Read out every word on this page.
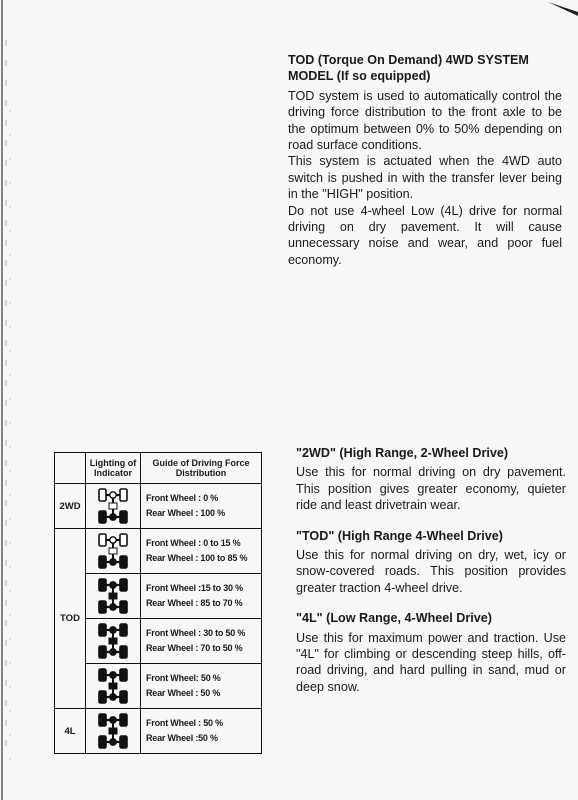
TOD (Torque On Demand) 4WD SYSTEM
MODEL (If so equipped)

TOD system is used to automatically control the driving force distribution to the front axle to be the optimum between 0% to 50% depending on road surface conditions.

This system is actuated when the 4WD auto switch is pushed in with the transfer lever being in the "HIGH" position.

Do not use 4-wheel Low (4L) drive for normal driving on dry pavement. It will cause unnecessary noise and wear, and poor fuel economy.

"2WD" (High Range, 2-Wheel Drive)
Use this for normal driving on dry pavement. This position gives greater economy, quieter ride and least drivetrain wear.
"TOD" (High Range 4-Wheel Drive)
Use this for normal driving on dry, wet, icy or snow-covered roads. This position provides greater traction 4-wheel drive.
"4L" (Low Range, 4-Wheel Drive)
Use this for maximum power and traction. Use "4L" for climbing or descending steep hills, off-road driving, and hard pulling in sand, mud or deep snow.
	Lighting of Indicator	Guide of Driving Force Distribution
2WD		Front Wheel : 0 %
Rear Wheel : 100 %

TOD		Front Wheel : 0 to 15 %
Rear Wheel : 100 to 85 %

Front Wheel :15 to 30 %
Rear Wheel : 85 to 70 %

Front Wheel : 30 to 50 %
Rear Wheel : 70 to 50 %

Front Wheel: 50 %
Rear Wheel : 50 %

4L		Front Wheel : 50 %
Rear Wheel :50 %
